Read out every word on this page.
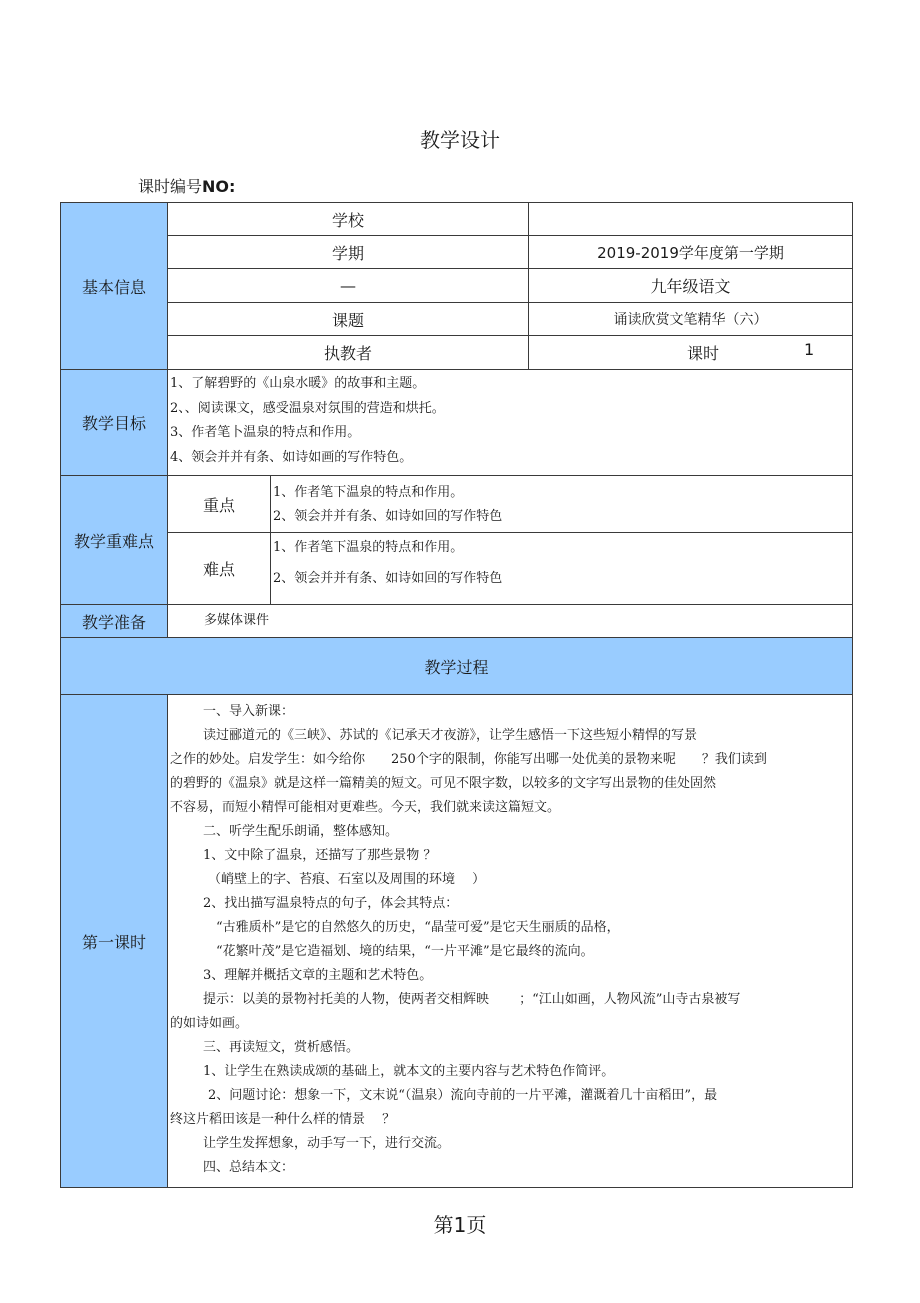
教学设计
课时编号NO:
基本信息
学校
学期	2019-2019学年度第一学期
—	九年级语文
课题	诵读欣赏文笔精华（六）
执教者	课时	1
教学目标
1、了解碧野的《山泉水暖》的故事和主题。
2、、阅读课文，感受温泉对氛围的营造和烘托。
3、作者笔卜温泉的特点和作用。
4、领会并并有条、如诗如画的写作特色。
教学重难点
重点
1、作者笔下温泉的特点和作用。
2、领会并并有条、如诗如回的写作特色
难点
1、作者笔下温泉的特点和作用。
2、领会并并有条、如诗如回的写作特色
教学准备	多媒体课件
教学过程
第一课时
一、导入新课：
读过郦道元的《三峡》、苏试的《记承天才夜游》，让学生感悟一下这些短小精悍的写景
之作的妙处。启发学生：如今给你　　250个字的限制，你能写出哪一处优美的景物来呢　　？我们读到
的碧野的《温泉》就是这样一篇精美的短文。可见不限字数，以较多的文字写出景物的佳处固然
不容易，而短小精悍可能相对更难些。今天，我们就来读这篇短文。
二、听学生配乐朗诵，整体感知。
1、文中除了温泉，还描写了那些景物 ？
（峭壁上的字、苔痕、石室以及周围的环境　 ）
2、找出描写温泉特点的句子，体会其特点：
“古雅质朴”是它的自然悠久的历史，“晶莹可爱”是它天生丽质的品格，
“花繁叶茂”是它造福划、境的结果，“一片平滩”是它最终的流向。
3、理解并概括文章的主题和艺术特色。
提示：以美的景物衬托美的人物，使两者交相辉映　　 ；“江山如画，人物风流”山寺古泉被写
的如诗如画。
三、再读短文，赏析感悟。
1、让学生在熟读成颂的基础上，就本文的主要内容与艺术特色作简评。
2、问题讨论：想象一下，文末说“（温泉）流向寺前的一片平滩，灌溉着几十亩稻田”，最
终这片稻田该是一种什么样的情景　 ？
让学生发挥想象，动手写一下，进行交流。
四、总结本文：
第1页
